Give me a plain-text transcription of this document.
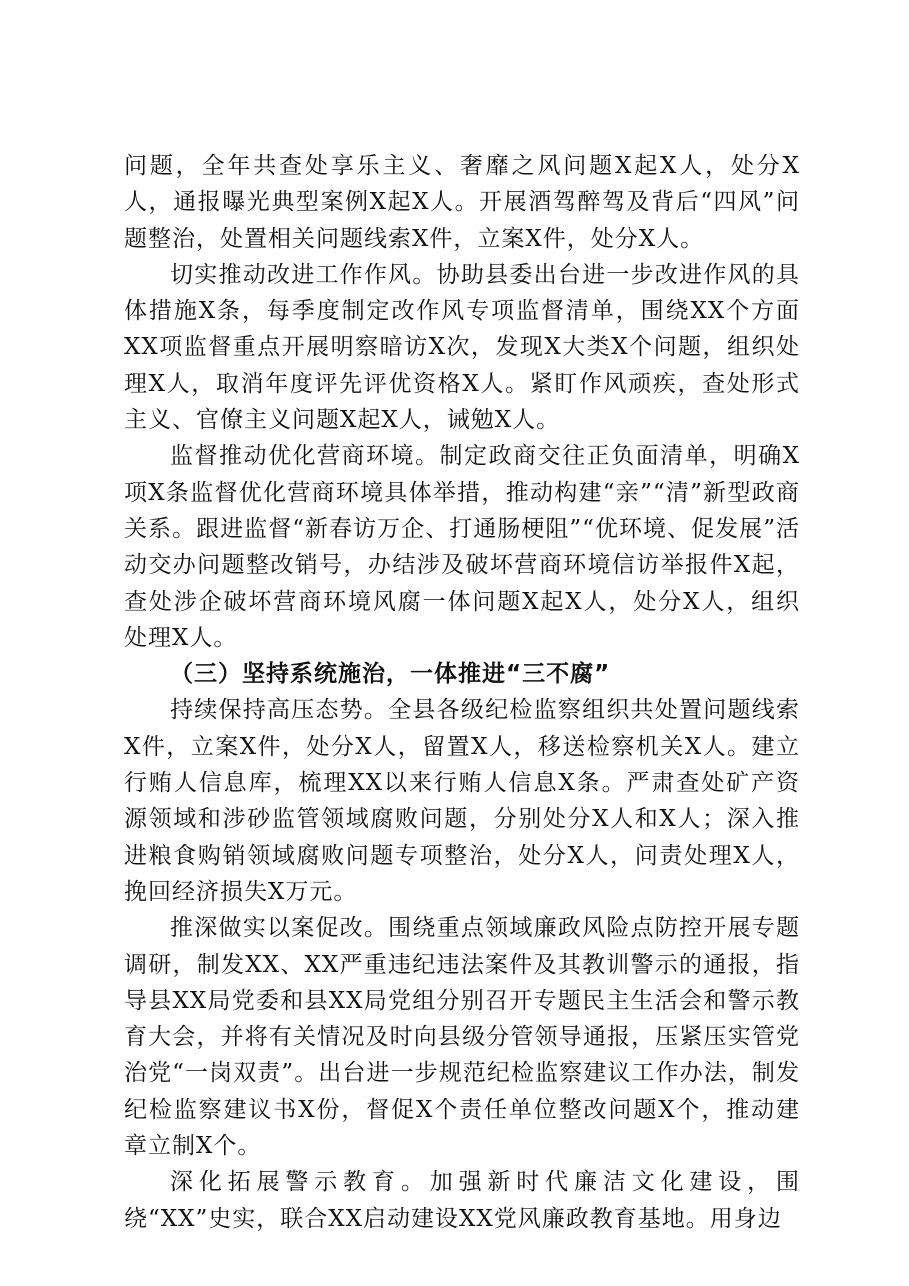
问题，全年共查处享乐主义、奢靡之风问题X起X人，处分X人，通报曝光典型案例X起X人。开展酒驾醉驾及背后“四风”问题整治，处置相关问题线索X件，立案X件，处分X人。

切实推动改进工作作风。协助县委出台进一步改进作风的具体措施X条，每季度制定改作风专项监督清单，围绕XX个方面XX项监督重点开展明察暗访X次，发现X大类X个问题，组织处理X人，取消年度评先评优资格X人。紧盯作风顽疾，查处形式主义、官僚主义问题X起X人，诫勉X人。

监督推动优化营商环境。制定政商交往正负面清单，明确X项X条监督优化营商环境具体举措，推动构建“亲”“清”新型政商关系。跟进监督“新春访万企、打通肠梗阻”“优环境、促发展”活动交办问题整改销号，办结涉及破坏营商环境信访举报件X起，查处涉企破坏营商环境风腐一体问题X起X人，处分X人，组织处理X人。

（三）坚持系统施治，一体推进“三不腐”

持续保持高压态势。全县各级纪检监察组织共处置问题线索X件，立案X件，处分X人，留置X人，移送检察机关X人。建立行贿人信息库，梳理XX以来行贿人信息X条。严肃查处矿产资源领域和涉砂监管领域腐败问题，分别处分X人和X人；深入推进粮食购销领域腐败问题专项整治，处分X人，问责处理X人，挽回经济损失X万元。

推深做实以案促改。围绕重点领域廉政风险点防控开展专题调研，制发XX、XX严重违纪违法案件及其教训警示的通报，指导县XX局党委和县XX局党组分别召开专题民主生活会和警示教育大会，并将有关情况及时向县级分管领导通报，压紧压实管党治党“一岗双责”。出台进一步规范纪检监察建议工作办法，制发纪检监察建议书X份，督促X个责任单位整改问题X个，推动建章立制X个。

深化拓展警示教育。加强新时代廉洁文化建设，围绕“XX”史实，联合XX启动建设XX党风廉政教育基地。用身边
